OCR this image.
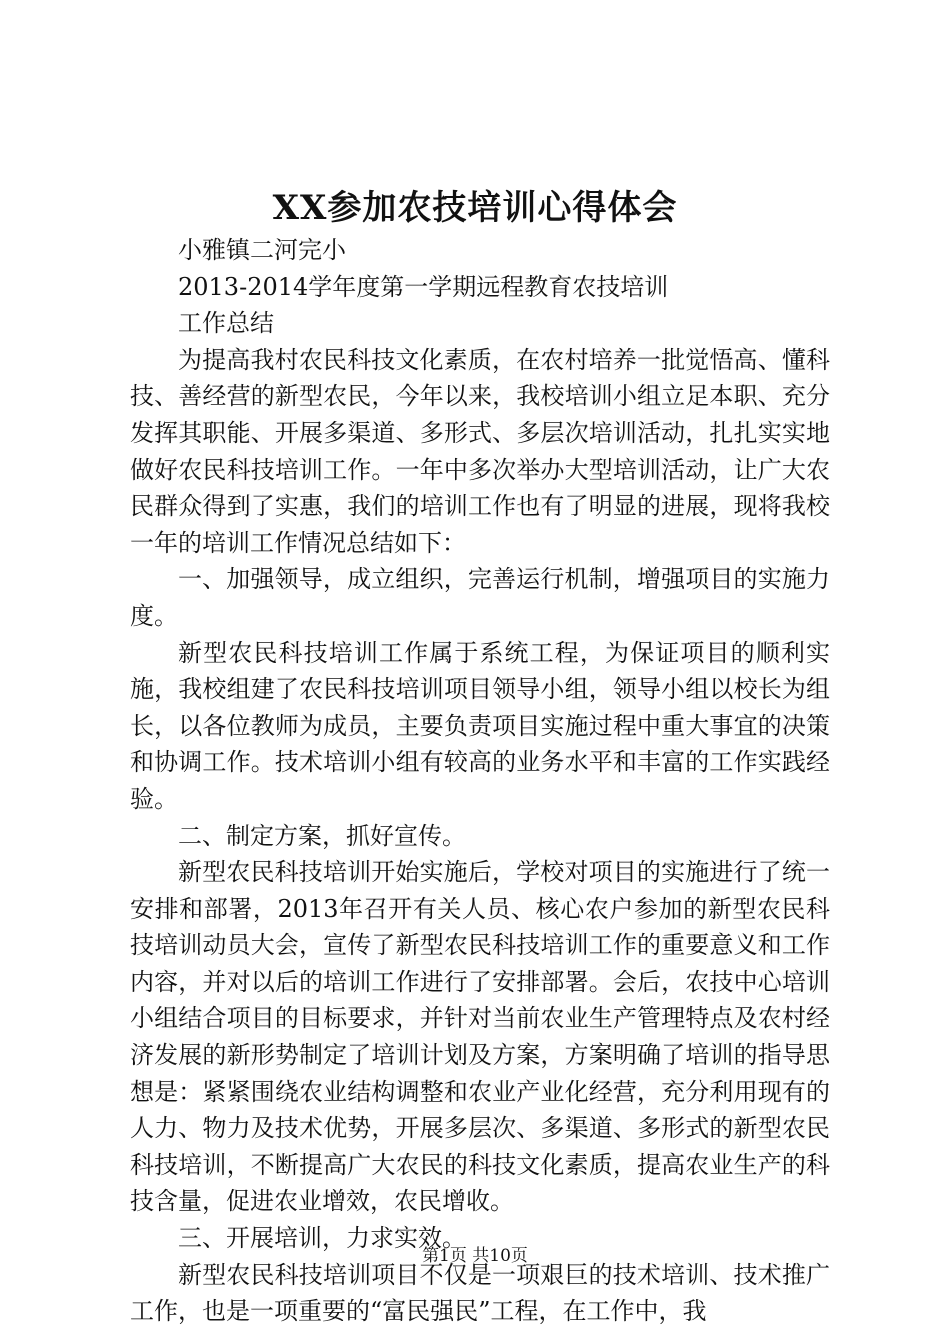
XX参加农技培训心得体会

小雅镇二河完小

2013-2014学年度第一学期远程教育农技培训

工作总结

为提高我村农民科技文化素质，在农村培养一批觉悟高、懂科技、善经营的新型农民，今年以来，我校培训小组立足本职、充分发挥其职能、开展多渠道、多形式、多层次培训活动，扎扎实实地做好农民科技培训工作。一年中多次举办大型培训活动，让广大农民群众得到了实惠，我们的培训工作也有了明显的进展，现将我校一年的培训工作情况总结如下：

一、加强领导，成立组织，完善运行机制，增强项目的实施力度。

新型农民科技培训工作属于系统工程，为保证项目的顺利实施，我校组建了农民科技培训项目领导小组，领导小组以校长为组长，以各位教师为成员，主要负责项目实施过程中重大事宜的决策和协调工作。技术培训小组有较高的业务水平和丰富的工作实践经验。

二、制定方案，抓好宣传。

新型农民科技培训开始实施后，学校对项目的实施进行了统一安排和部署，2013年召开有关人员、核心农户参加的新型农民科技培训动员大会，宣传了新型农民科技培训工作的重要意义和工作内容，并对以后的培训工作进行了安排部署。会后，农技中心培训小组结合项目的目标要求，并针对当前农业生产管理特点及农村经济发展的新形势制定了培训计划及方案，方案明确了培训的指导思想是：紧紧围绕农业结构调整和农业产业化经营，充分利用现有的人力、物力及技术优势，开展多层次、多渠道、多形式的新型农民科技培训，不断提高广大农民的科技文化素质，提高农业生产的科技含量，促进农业增效，农民增收。

三、开展培训，力求实效。

新型农民科技培训项目不仅是一项艰巨的技术培训、技术推广工作，也是一项重要的“富民强民”工程，在工作中，我

第1页 共10页
